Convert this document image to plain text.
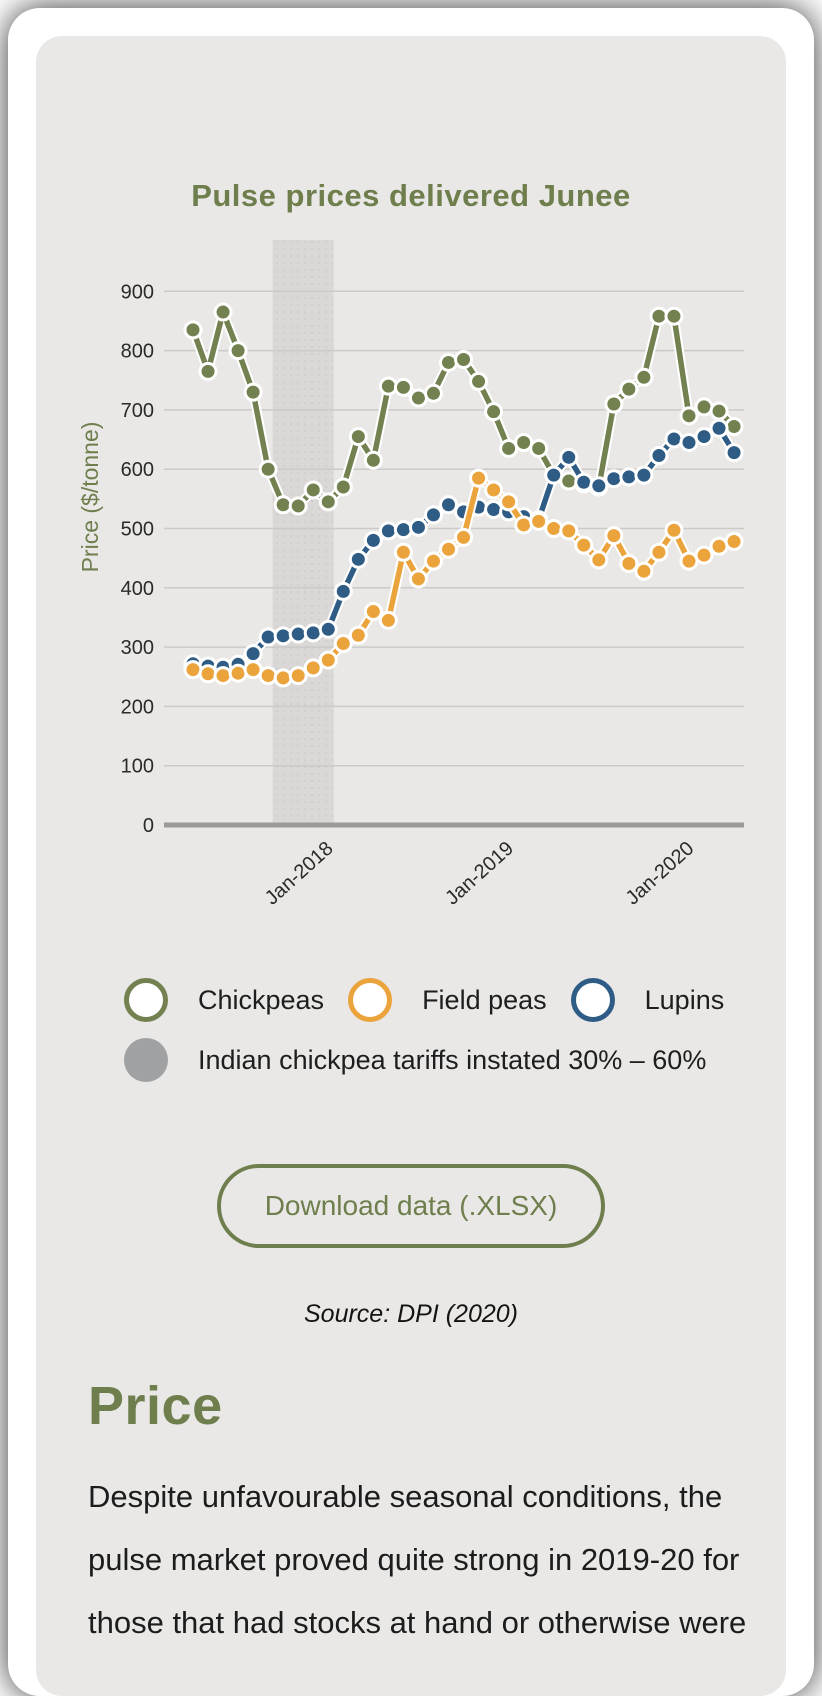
Pulse prices delivered Junee
0
100
200
300
400
500
600
700
800
900
Jan-2018	Jan-2019	Jan-2020
Price ($/tonne)
Chickpeas	Field peas	Lupins
Indian chickpea tariffs instated 30% – 60%
Download data (.XLSX)
Source: DPI (2020)
Price

Despite unfavourable seasonal conditions, the pulse market proved quite strong in 2019-20 for those that had stocks at hand or otherwise were
